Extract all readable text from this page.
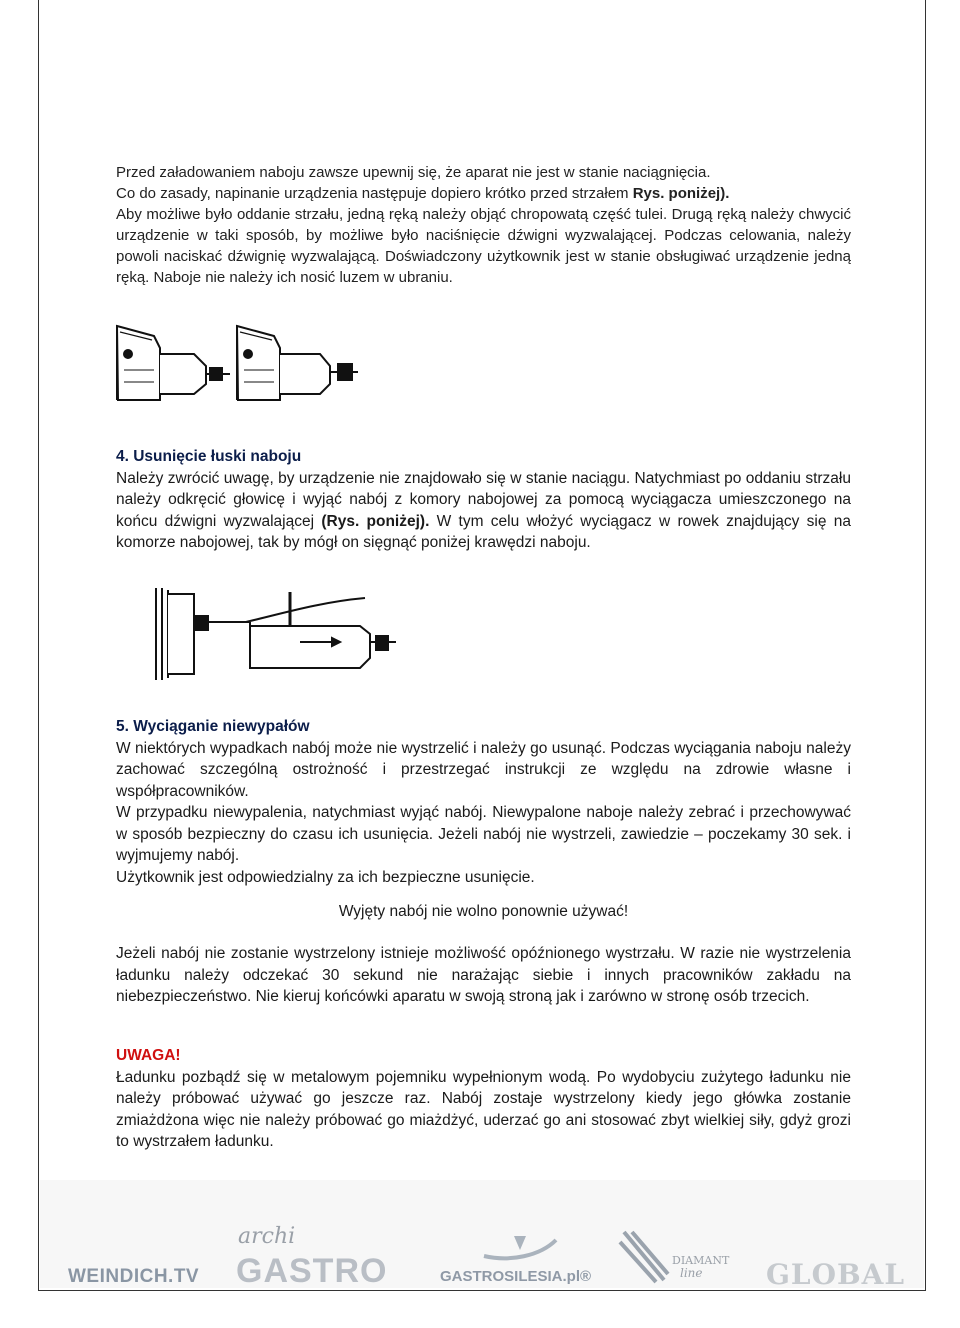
Przed załadowaniem naboju zawsze upewnij się, że aparat nie jest w stanie naciągnięcia.

Co do zasady, napinanie urządzenia następuje dopiero krótko przed strzałem Rys. poniżej).

Aby możliwe było oddanie strzału, jedną ręką należy objąć chropowatą część tulei. Drugą ręką należy chwycić urządzenie w taki sposób, by możliwe było naciśnięcie dźwigni wyzwalającej. Podczas celowania, należy powoli naciskać dźwignię wyzwalającą. Doświadczony użytkownik jest w stanie obsługiwać urządzenie jedną ręką. Naboje nie należy ich nosić luzem w ubraniu.

4. Usunięcie łuski naboju

Należy zwrócić uwagę, by urządzenie nie znajdowało się w stanie naciągu. Natychmiast po oddaniu strzału należy odkręcić głowicę i wyjąć nabój z komory nabojowej za pomocą wyciągacza umieszczonego na końcu dźwigni wyzwalającej (Rys. poniżej). W tym celu włożyć wyciągacz w rowek znajdujący się na komorze nabojowej, tak by mógł on sięgnąć poniżej krawędzi naboju.

5. Wyciąganie niewypałów

W niektórych wypadkach nabój może nie wystrzelić i należy go usunąć. Podczas wyciągania naboju należy zachować szczególną ostrożność i przestrzegać instrukcji ze względu na zdrowie własne i współpracowników.

W przypadku niewypalenia, natychmiast wyjąć nabój. Niewypalone naboje należy zebrać i przechowywać w sposób bezpieczny do czasu ich usunięcia. Jeżeli nabój nie wystrzeli, zawiedzie – poczekamy 30 sek. i wyjmujemy nabój.

Użytkownik jest odpowiedzialny za ich bezpieczne usunięcie.

Wyjęty nabój nie wolno ponownie używać!
Jeżeli nabój nie zostanie wystrzelony istnieje możliwość opóźnionego wystrzału. W razie nie wystrzelenia ładunku należy odczekać 30 sekund nie narażając siebie i innych pracowników zakładu na niebezpieczeństwo. Nie kieruj końcówki aparatu w swoją stroną jak i zarówno w stronę osób trzecich.

UWAGA!

Ładunku pozbądź się w metalowym pojemniku wypełnionym wodą. Po wydobyciu zużytego ładunku nie należy próbować używać go jeszcze raz. Nabój zostaje wystrzelony kiedy jego główka zostanie zmiażdżona więc nie należy próbować go miażdżyć, uderzać go ani stosować zbyt wielkiej siły, gdyż grozi to wystrzałem ładunku.

WEINDICH.TV
archi
GASTRO	GASTROSILESIA.pl®
DIAMANT
line GLOBAL
